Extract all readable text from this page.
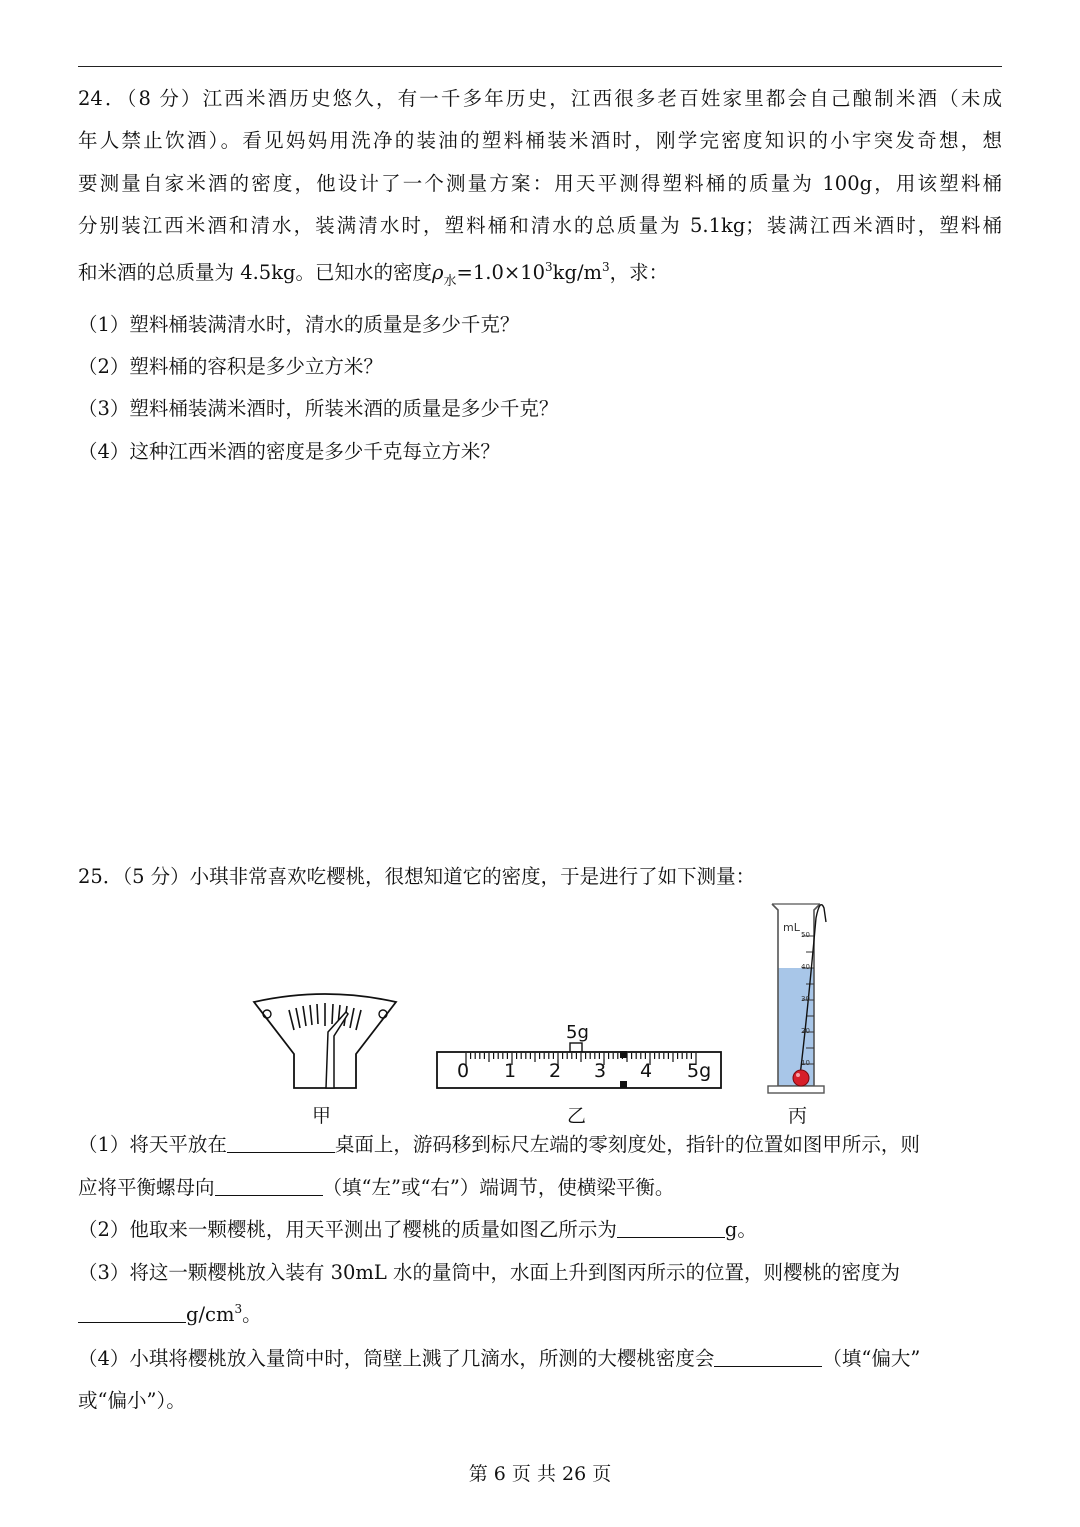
24．（8 分）江西米酒历史悠久，有一千多年历史，江西很多老百姓家里都会自己酿制米酒（未成
年人禁止饮酒）。看见妈妈用洗净的装油的塑料桶装米酒时，刚学完密度知识的小宇突发奇想，想
要测量自家米酒的密度，他设计了一个测量方案：用天平测得塑料桶的质量为 100g，用该塑料桶
分别装江西米酒和清水，装满清水时，塑料桶和清水的总质量为 5.1kg；装满江西米酒时，塑料桶
和米酒的总质量为 4.5kg。已知水的密度$\rho_水=1.0\times 10^3kg/m^3$，求：
（1）塑料桶装满清水时，清水的质量是多少千克？
（2）塑料桶的容积是多少立方米？
（3）塑料桶装满米酒时，所装米酒的质量是多少千克？
（4）这种江西米酒的密度是多少千克每立方米？
25．（5 分）小琪非常喜欢吃樱桃，很想知道它的密度，于是进行了如下测量：
甲
5g
0 1 2 3 4 5g
乙
mL
50
40
30
20
10
丙
（1）将天平放在	桌面上，游码移到标尺左端的零刻度处，指针的位置如图甲所示，则
应将平衡螺母向	（填“左”或“右”）端调节，使横梁平衡。
（2）他取来一颗樱桃，用天平测出了樱桃的质量如图乙所示为	g。
（3）将这一颗樱桃放入装有 30mL 水的量筒中，水面上升到图丙所示的位置，则樱桃的密度为
$g/cm^3$。
（4）小琪将樱桃放入量筒中时，筒壁上溅了几滴水，所测的大樱桃密度会	（填“偏大”
或“偏小”）。
第 6 页 共 26 页
